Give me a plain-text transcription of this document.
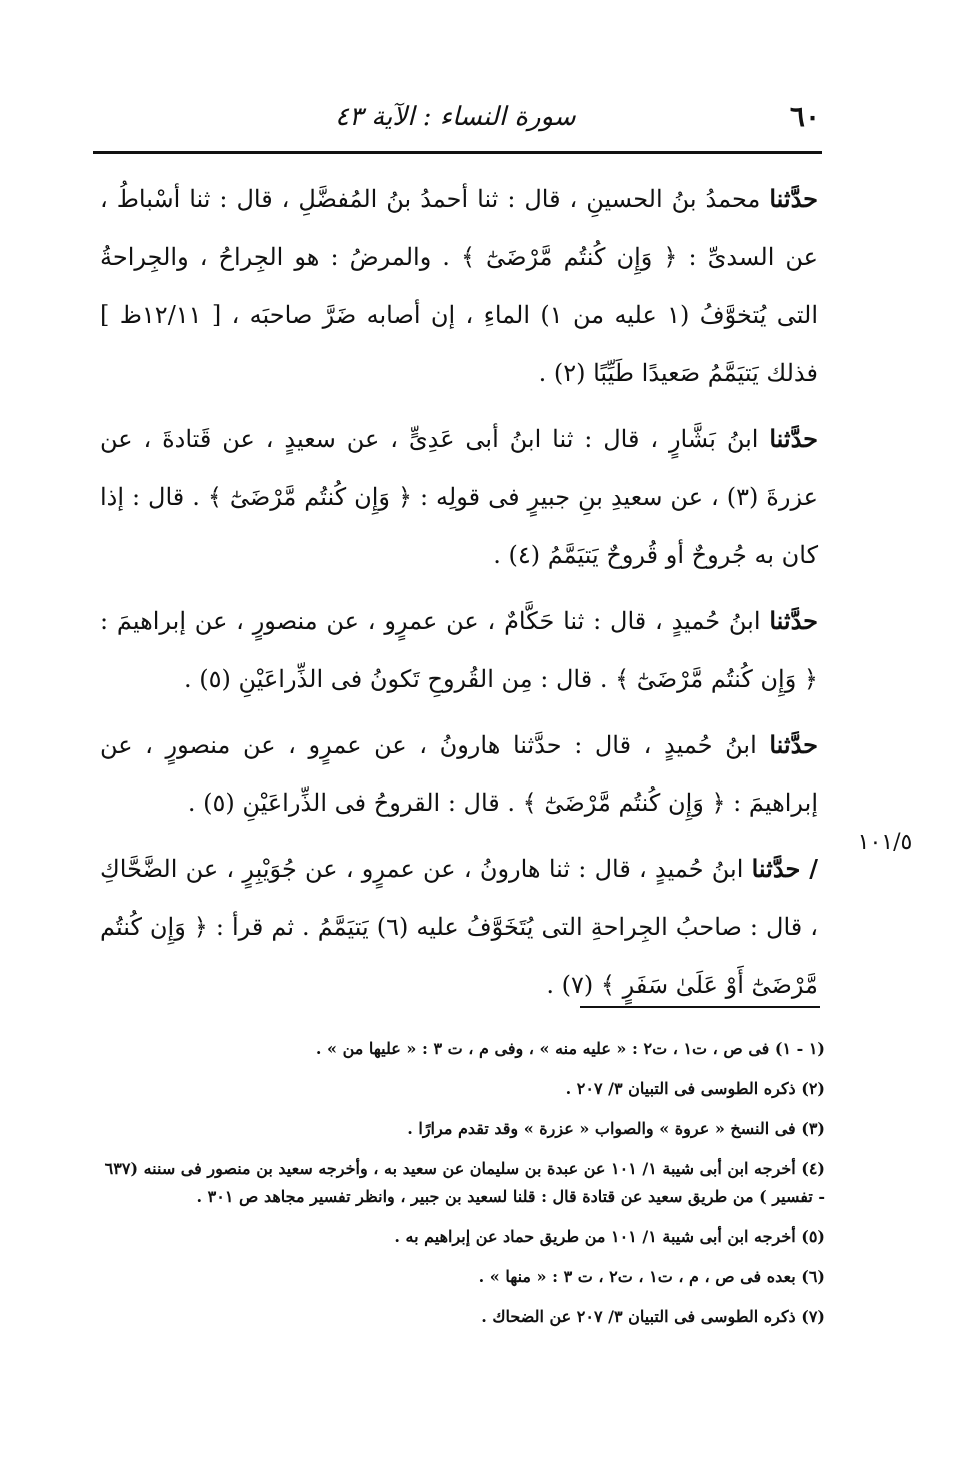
٦٠
سورة النساء : الآية ٤٣
١٠١/٥

حدَّثنا محمدُ بنُ الحسينِ ، قال : ثنا أحمدُ بنُ المُفضَّلِ ، قال : ثنا أسْباطُ ، عن السدىِّ : ﴿ وَإِن كُنتُم مَّرْضَىٰٓ ﴾ . والمرضُ : هو الجِراحُ ، والجِراحةُ التى يُتخوَّفُ (١ عليه من ١) الماءِ ، إن أصابه ضَرَّ صاحبَه ، [ ١٢/١١ظ ] فذلك يَتيَمَّمُ صَعيدًا طَيِّبًا (٢) .

حدَّثنا ابنُ بَشَّارٍ ، قال : ثنا ابنُ أبى عَدِىٍّ ، عن سعيدٍ ، عن قَتادةَ ، عن عزرةَ (٣) ، عن سعيدِ بنِ جبيرٍ فى قولِه : ﴿ وَإِن كُنتُم مَّرْضَىٰٓ ﴾ . قال : إذا كان به جُروحٌ أو قُروحٌ يَتيَمَّمُ (٤) .

حدَّثنا ابنُ حُميدٍ ، قال : ثنا حَكَّامٌ ، عن عمرٍو ، عن منصورٍ ، عن إبراهيمَ : ﴿ وَإِن كُنتُم مَّرْضَىٰٓ ﴾ . قال : مِن القُروحِ تَكونُ فى الذِّراعَيْنِ (٥) .

حدَّثنا ابنُ حُميدٍ ، قال : حدَّثنا هارونُ ، عن عمرٍو ، عن منصورٍ ، عن إبراهيمَ : ﴿ وَإِن كُنتُم مَّرْضَىٰٓ ﴾ . قال : القروحُ فى الذِّراعَيْنِ (٥) .

/ حدَّثنا ابنُ حُميدٍ ، قال : ثنا هارونُ ، عن عمرٍو ، عن جُوَيْبِرٍ ، عن الضَّحَّاكِ ، قال : صاحبُ الجِراحةِ التى يُتَخَوَّفُ عليه (٦) يَتيَمَّمُ . ثم قرأ : ﴿ وَإِن كُنتُم مَّرْضَىٰٓ أَوْ عَلَىٰ سَفَرٍ ﴾ (٧) .

(١ - ١) فى ص ، ت١ ، ت٢ : « عليه منه » ، وفى م ، ت ٣ : « عليها من » .

(٢) ذكره الطوسى فى التبيان ٣/ ٢٠٧ .

(٣) فى النسخ « عروة » والصواب « عزرة » وقد تقدم مرارًا .

(٤) أخرجه ابن أبى شيبة ١/ ١٠١ عن عبدة بن سليمان عن سعيد به ، وأخرجه سعيد بن منصور فى سننه (٦٣٧ - تفسير ) من طريق سعيد عن قتادة قال : قلنا لسعيد بن جبير ، وانظر تفسير مجاهد ص ٣٠١ .

(٥) أخرجه ابن أبى شيبة ١/ ١٠١ من طريق حماد عن إبراهيم به .

(٦) بعده فى ص ، م ، ت١ ، ت٢ ، ت ٣ : « منها » .

(٧) ذكره الطوسى فى التبيان ٣/ ٢٠٧ عن الضحاك .
